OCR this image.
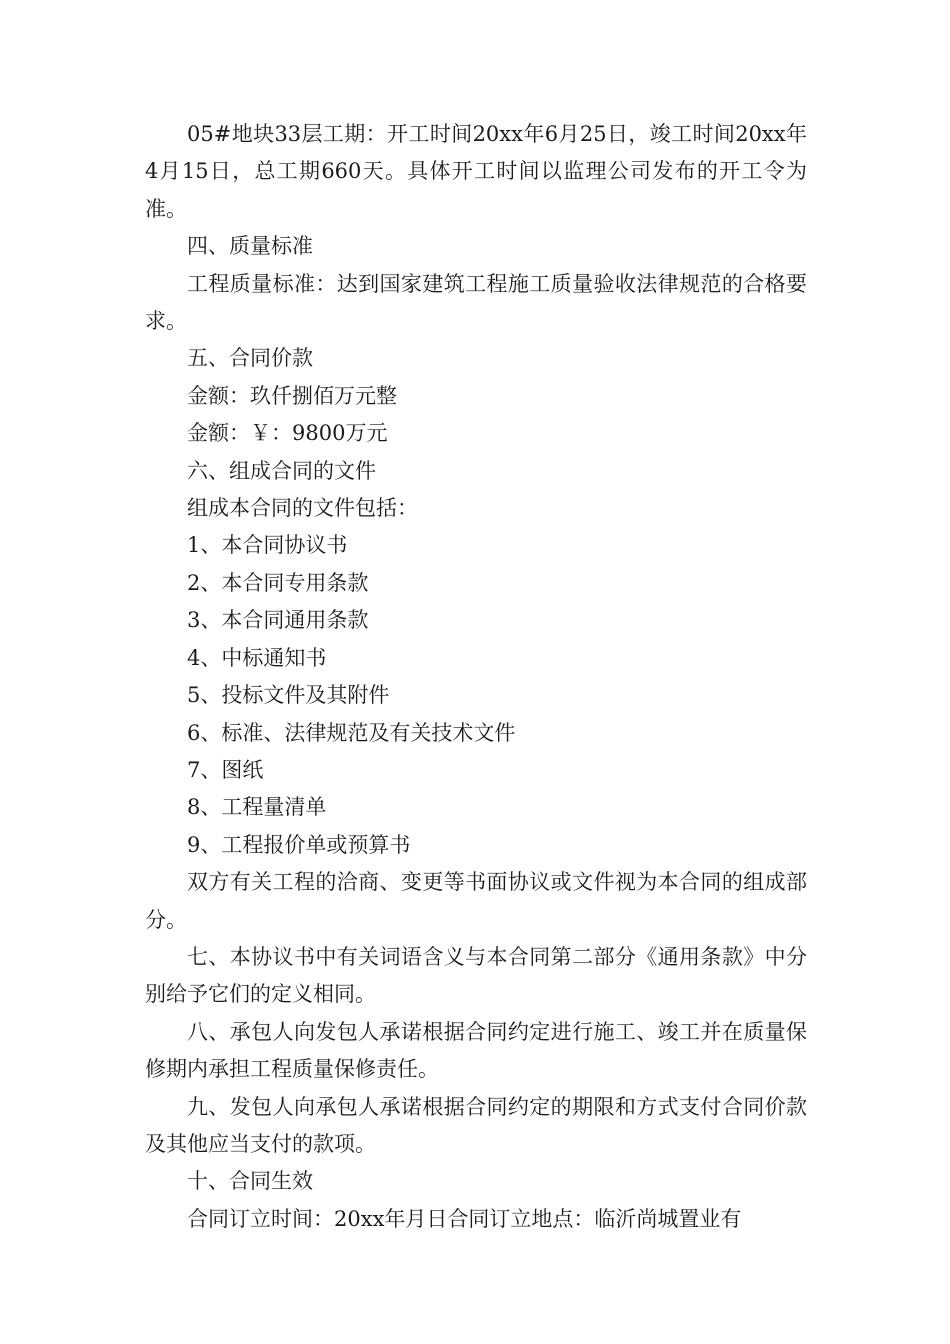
05#地块33层工期：开工时间20xx年6月25日，竣工时间20xx年4月15日，总工期660天。具体开工时间以监理公司发布的开工令为准。

四、质量标准

工程质量标准：达到国家建筑工程施工质量验收法律规范的合格要求。

五、合同价款

金额：玖仟捌佰万元整

金额：￥：9800万元

六、组成合同的文件

组成本合同的文件包括：

1、本合同协议书

2、本合同专用条款

3、本合同通用条款

4、中标通知书

5、投标文件及其附件

6、标准、法律规范及有关技术文件

7、图纸

8、工程量清单

9、工程报价单或预算书

双方有关工程的洽商、变更等书面协议或文件视为本合同的组成部分。

七、本协议书中有关词语含义与本合同第二部分《通用条款》中分别给予它们的定义相同。

八、承包人向发包人承诺根据合同约定进行施工、竣工并在质量保修期内承担工程质量保修责任。

九、发包人向承包人承诺根据合同约定的期限和方式支付合同价款及其他应当支付的款项。

十、合同生效

合同订立时间：20xx年月日合同订立地点：临沂尚城置业有
